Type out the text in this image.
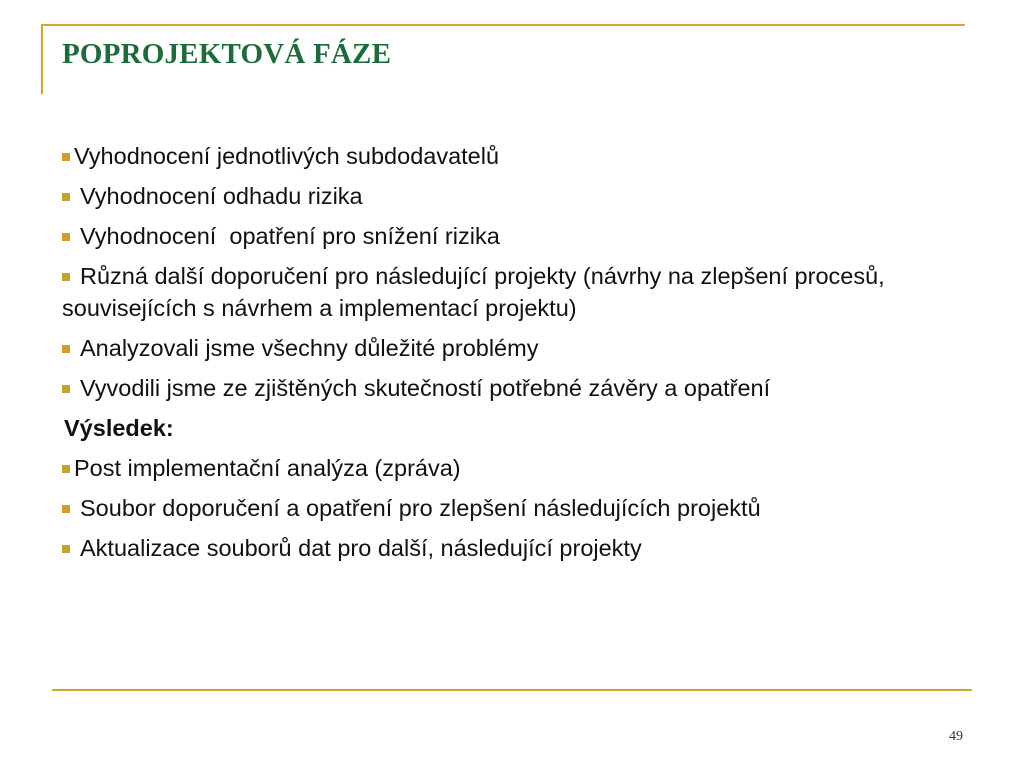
POPROJEKTOVÁ FÁZE
Vyhodnocení jednotlivých subdodavatelů
Vyhodnocení odhadu rizika
Vyhodnocení  opatření pro snížení rizika
Různá další doporučení pro následující projekty (návrhy na zlepšení procesů, souvisejících s návrhem a implementací projektu)
Analyzovali jsme všechny důležité problémy
Vyvodili jsme ze zjištěných skutečností potřebné závěry a opatření
Výsledek:
Post implementační analýza (zpráva)
Soubor doporučení a opatření pro zlepšení následujících projektů
Aktualizace souborů dat pro další, následující projekty
49
